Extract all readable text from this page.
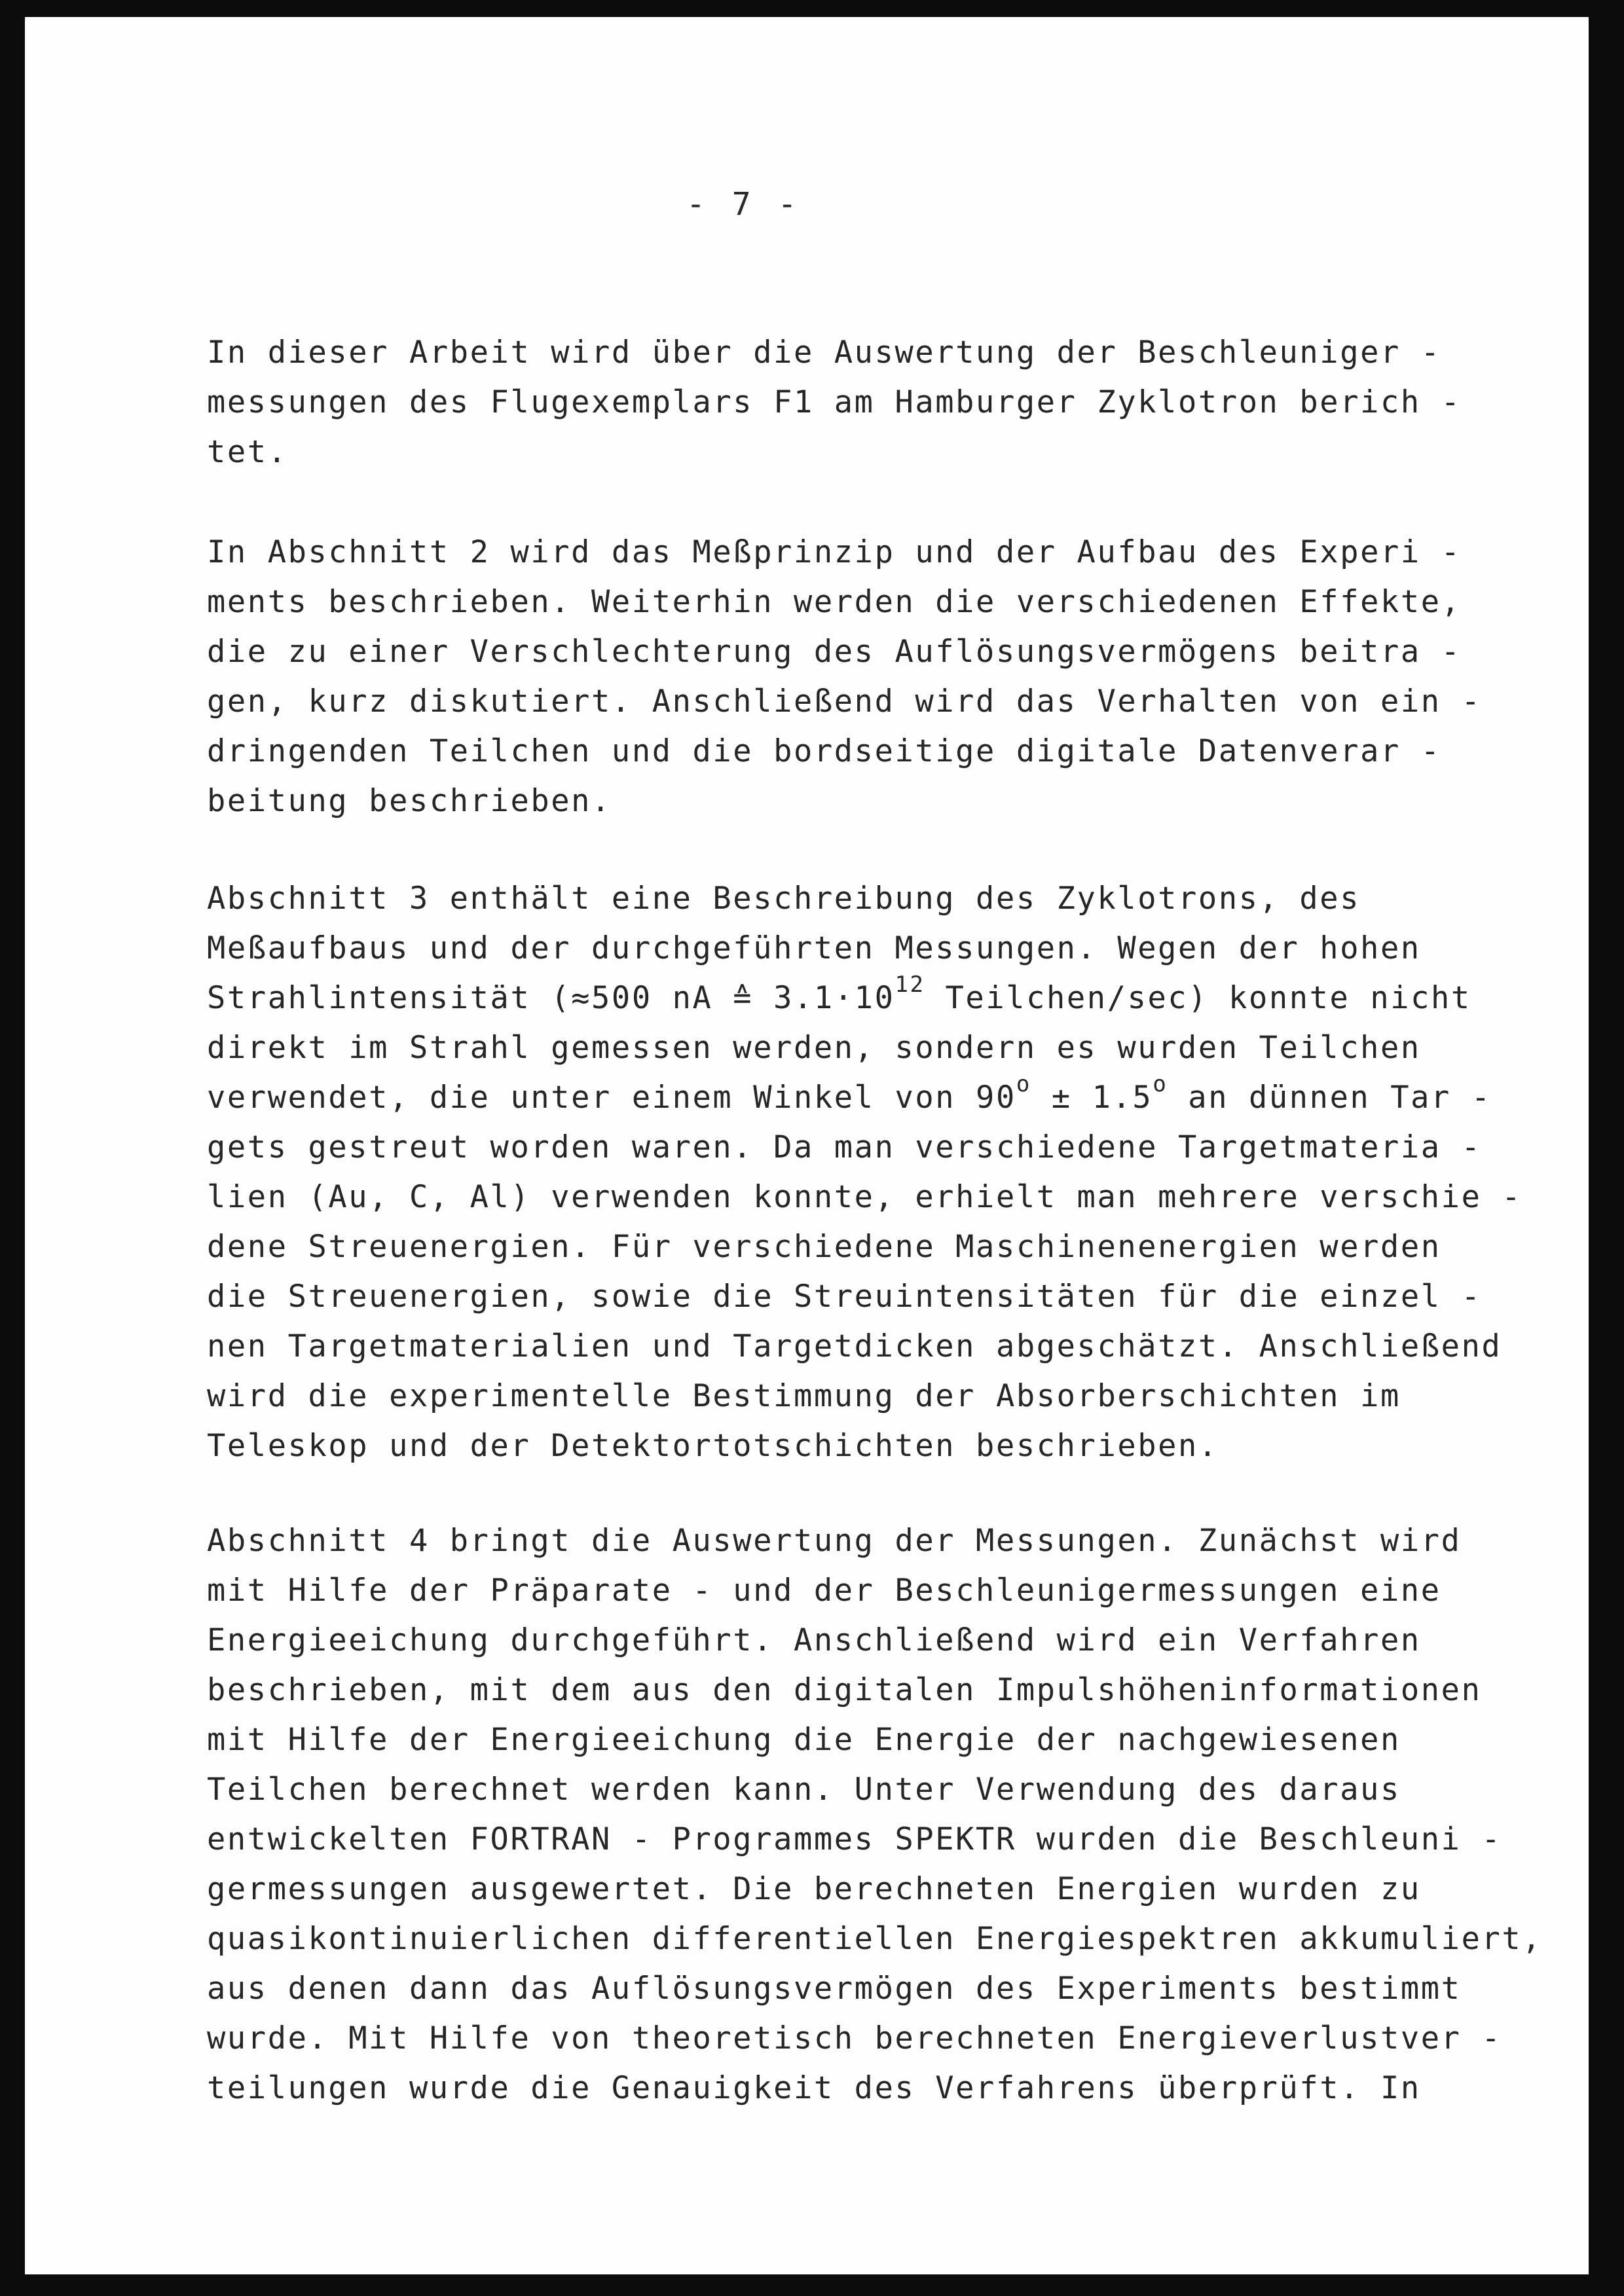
- 7 -
In dieser Arbeit wird über die Auswertung der Beschleuniger -
messungen des Flugexemplars F1 am Hamburger Zyklotron berich -
tet.
In Abschnitt 2 wird das Meßprinzip und der Aufbau des Experi -
ments beschrieben. Weiterhin werden die verschiedenen Effekte,
die zu einer Verschlechterung des Auflösungsvermögens beitra -
gen, kurz diskutiert. Anschließend wird das Verhalten von ein -
dringenden Teilchen und die bordseitige digitale Datenverar -
beitung beschrieben.
Abschnitt 3 enthält eine Beschreibung des Zyklotrons, des
Meßaufbaus und der durchgeführten Messungen. Wegen der hohen
Strahlintensität (≈500 nA ≙ $3.1\cdot 10^{12}$ Teilchen/sec) konnte nicht
direkt im Strahl gemessen werden, sondern es wurden Teilchen
verwendet, die unter einem Winkel von $90^o \pm 1.5^o$ an dünnen Tar -
gets gestreut worden waren. Da man verschiedene Targetmateria -
lien (Au, C, Al) verwenden konnte, erhielt man mehrere verschie -
dene Streuenergien. Für verschiedene Maschinenenergien werden
die Streuenergien, sowie die Streuintensitäten für die einzel -
nen Targetmaterialien und Targetdicken abgeschätzt. Anschließend
wird die experimentelle Bestimmung der Absorberschichten im
Teleskop und der Detektortotschichten beschrieben.
Abschnitt 4 bringt die Auswertung der Messungen. Zunächst wird
mit Hilfe der Präparate - und der Beschleunigermessungen eine
Energieeichung durchgeführt. Anschließend wird ein Verfahren
beschrieben, mit dem aus den digitalen Impulshöheninformationen
mit Hilfe der Energieeichung die Energie der nachgewiesenen
Teilchen berechnet werden kann. Unter Verwendung des daraus
entwickelten FORTRAN - Programmes SPEKTR wurden die Beschleuni -
germessungen ausgewertet. Die berechneten Energien wurden zu
quasikontinuierlichen differentiellen Energiespektren akkumuliert,
aus denen dann das Auflösungsvermögen des Experiments bestimmt
wurde. Mit Hilfe von theoretisch berechneten Energieverlustver -
teilungen wurde die Genauigkeit des Verfahrens überprüft. In
